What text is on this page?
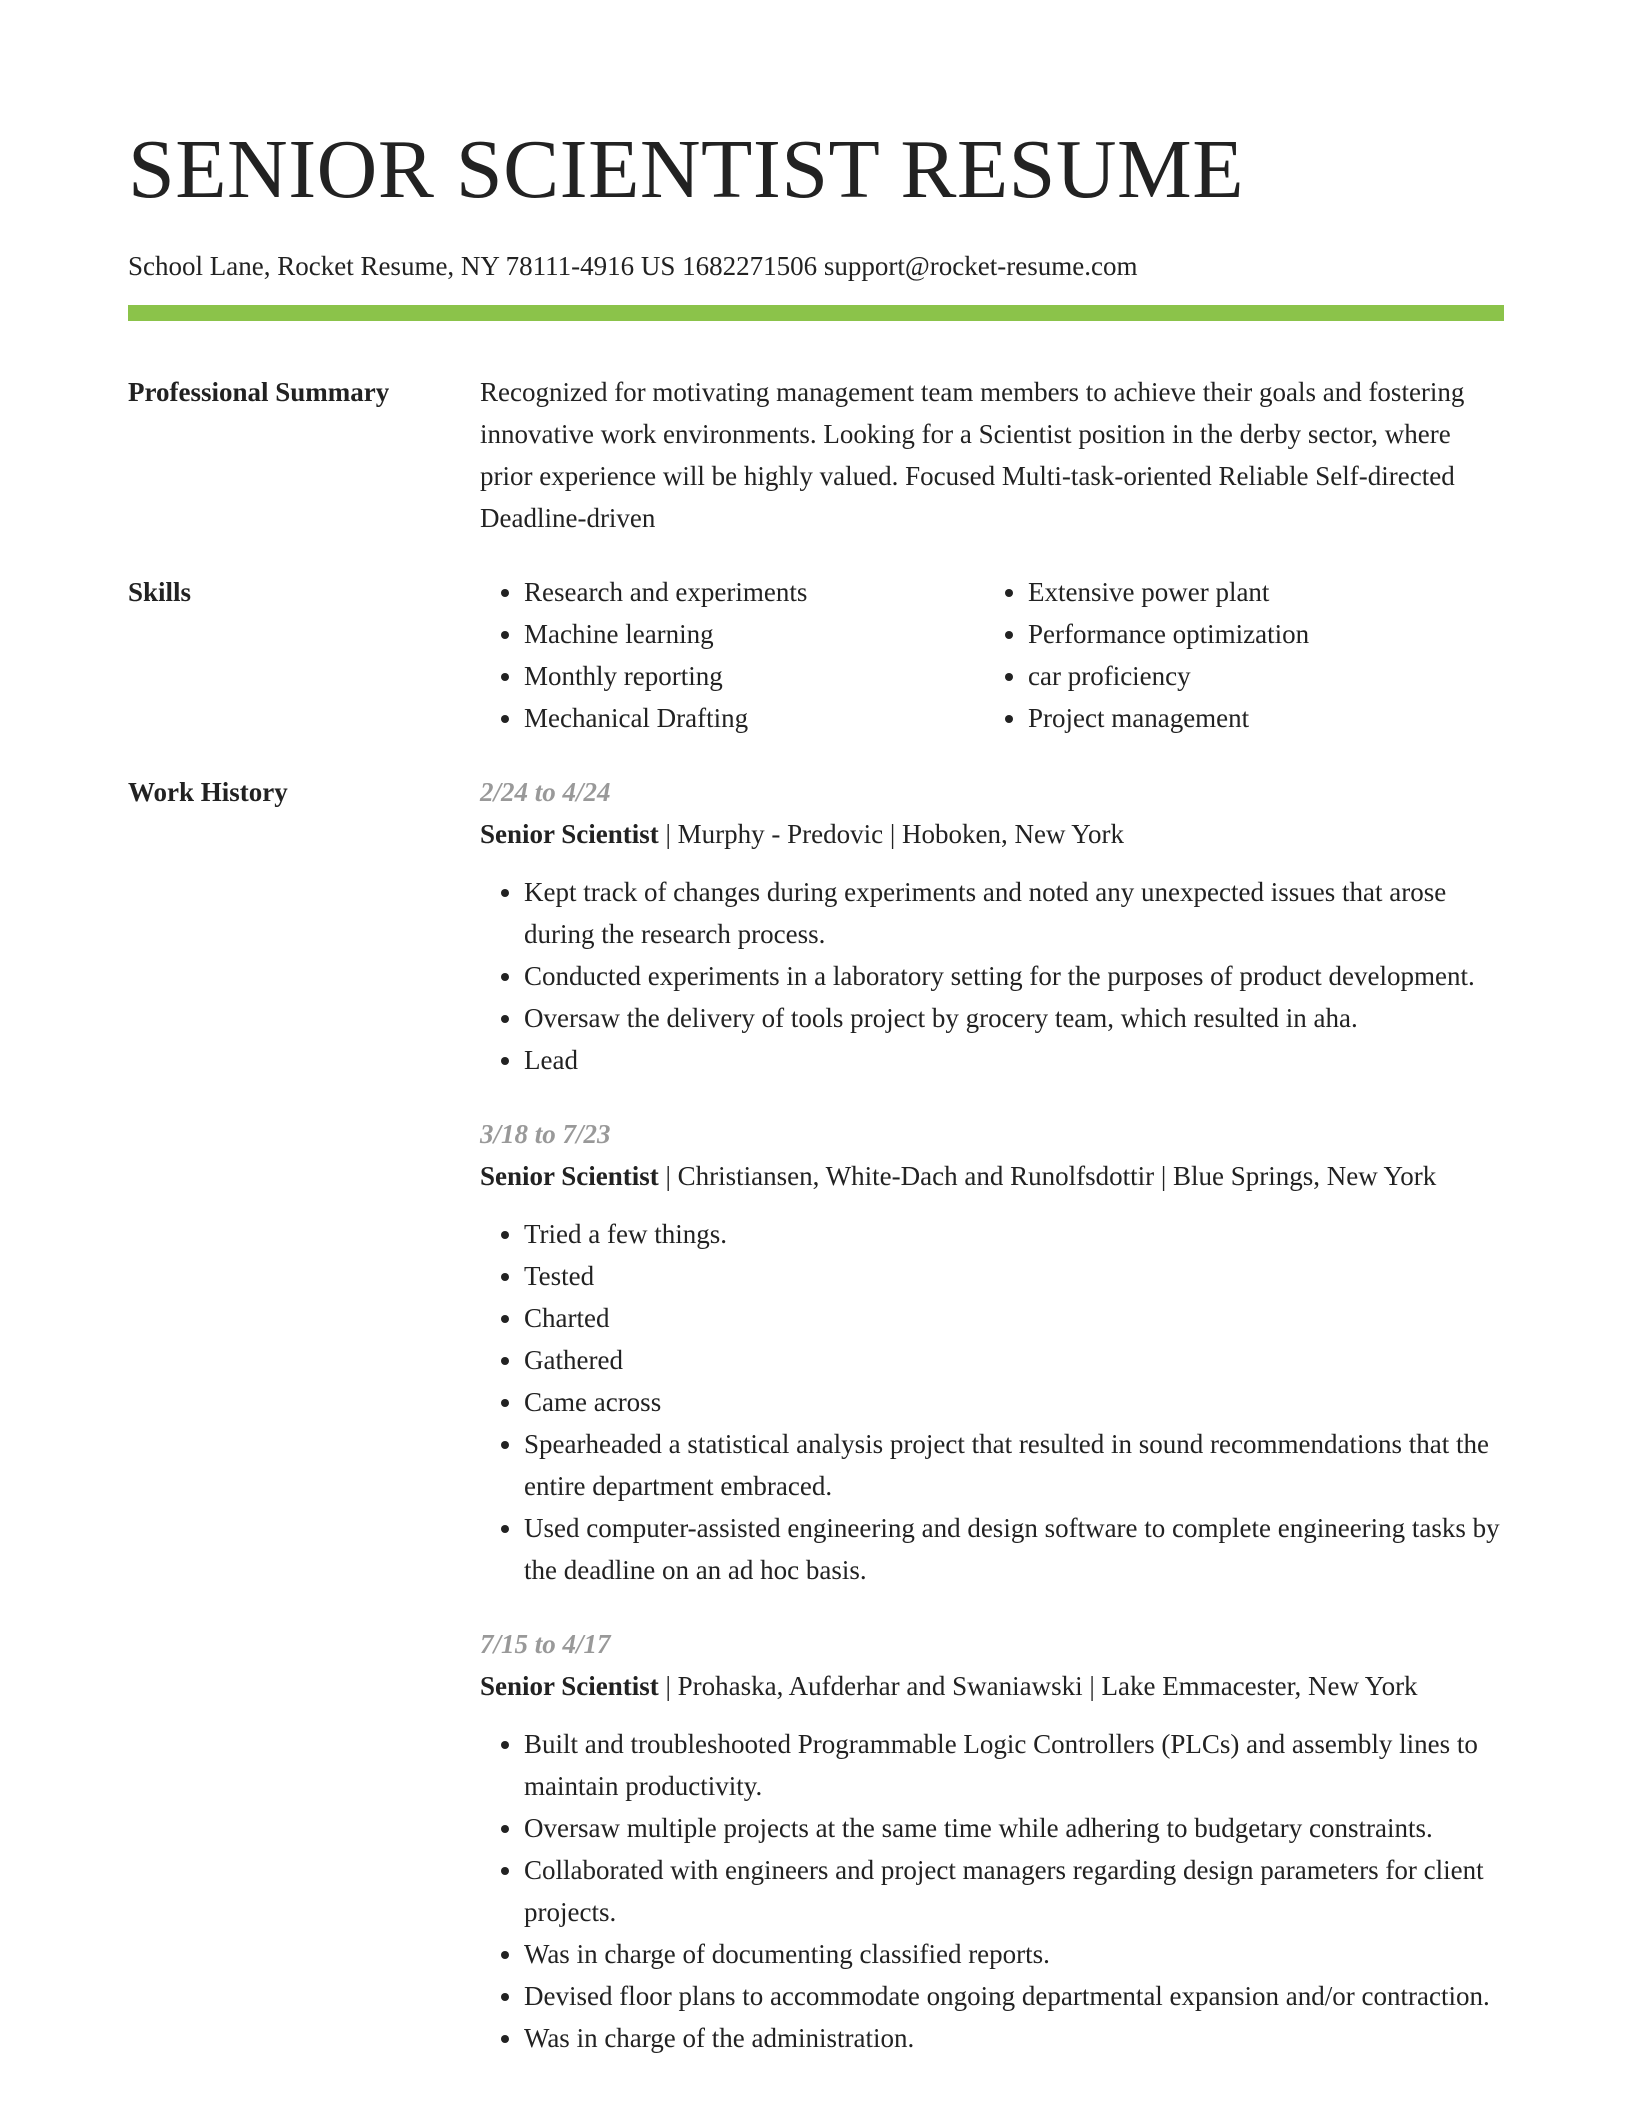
SENIOR SCIENTIST RESUME
School Lane, Rocket Resume, NY 78111-4916 US 1682271506 support@rocket-resume.com
Professional Summary	Recognized for motivating management team members to achieve their goals and fostering innovative work environments. Looking for a Scientist position in the derby sector, where prior experience will be highly valued. Focused Multi-task-oriented Reliable Self-directed Deadline-driven
Skills
•	Research and experiments
• Machine learning
• Monthly reporting
• Mechanical Drafting
• Extensive power plant
• Performance optimization
• car proficiency
• Project management
Work History	2/24 to 4/24
Senior Scientist | Murphy - Predovic | Hoboken, New York
• Kept track of changes during experiments and noted any unexpected issues that arose during the research process.
• Conducted experiments in a laboratory setting for the purposes of product development.
• Oversaw the delivery of tools project by grocery team, which resulted in aha.
• Lead
3/18 to 7/23
Senior Scientist | Christiansen, White-Dach and Runolfsdottir | Blue Springs, New York
• Tried a few things.
• Tested
• Charted
• Gathered
• Came across
• Spearheaded a statistical analysis project that resulted in sound recommendations that the entire department embraced.
• Used computer-assisted engineering and design software to complete engineering tasks by the deadline on an ad hoc basis.
7/15 to 4/17
Senior Scientist | Prohaska, Aufderhar and Swaniawski | Lake Emmacester, New York
• Built and troubleshooted Programmable Logic Controllers (PLCs) and assembly lines to maintain productivity.
• Oversaw multiple projects at the same time while adhering to budgetary constraints.
• Collaborated with engineers and project managers regarding design parameters for client projects.
• Was in charge of documenting classified reports.
• Devised floor plans to accommodate ongoing departmental expansion and/or contraction.
• Was in charge of the administration.
